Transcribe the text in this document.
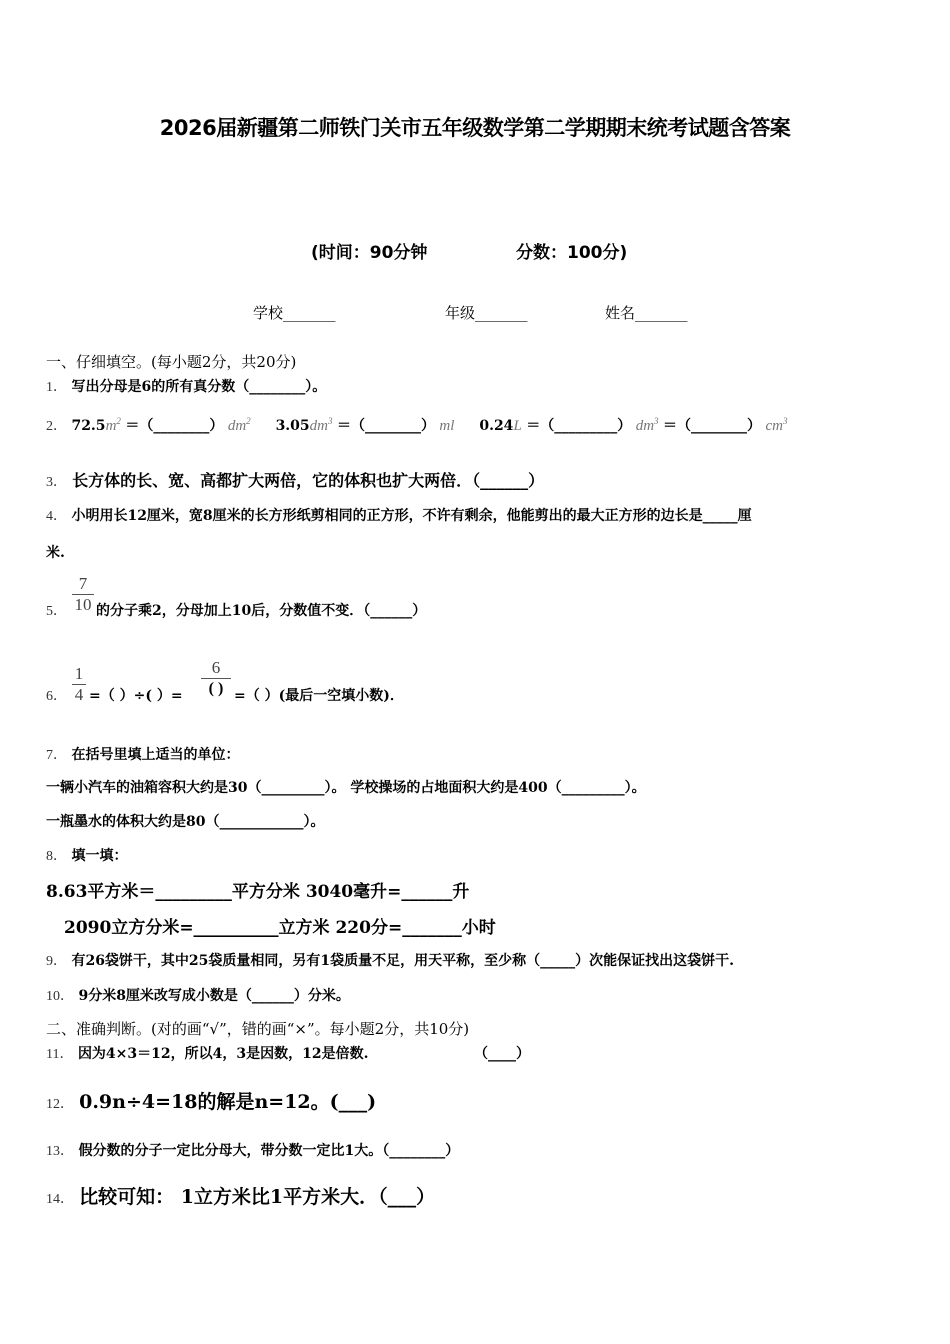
2026届新疆第二师铁门关市五年级数学第二学期期末统考试题含答案
(时间：90分钟	分数：100分)
学校_______	年级_______	姓名_______
一、仔细填空。(每小题2分，共20分)
1． 写出分母是6的所有真分数（________）。
2． $72.5m^2$ ＝（________） $dm^2$ $3.05dm^3$ ＝（________） ml 0.24L ＝（_________） $dm^3$ ＝（________） $cm^3$
3． 长方体的长、宽、高都扩大两倍，它的体积也扩大两倍．（______）
4． 小明用长12厘米，宽8厘米的长方形纸剪相同的正方形，不许有剩余，他能剪出的最大正方形的边长是_____厘
米.
5． $\frac{7}{10}$ 的分子乘2，分母加上10后，分数值不变．（______）
6． $\frac{1}{4}$ =（ ）÷( ）=
6
( ) =（ ）(最后一空填小数)．
7． 在括号里填上适当的单位：
一辆小汽车的油箱容积大约是30（_________）。 学校操场的占地面积大约是400（_________）。
一瓶墨水的体积大约是80（____________）。
8． 填一填：
8.63平方米＝_________平方分米 3040毫升=______升
2090立方分米=__________立方米 220分=_______小时
9． 有26袋饼干，其中25袋质量相同，另有1袋质量不足，用天平称，至少称（_____）次能保证找出这袋饼干.
10． 9分米8厘米改写成小数是（______）分米。
二、准确判断。(对的画“√”，错的画“×”。每小题2分，共10分)
11． 因为4×3＝12，所以4，3是因数，12是倍数.	（____）
12． 0.9n÷4=18的解是n=12。(___)
13． 假分数的分子一定比分母大，带分数一定比1大。（________）
14． 比较可知： 1立方米比1平方米大．（___）
